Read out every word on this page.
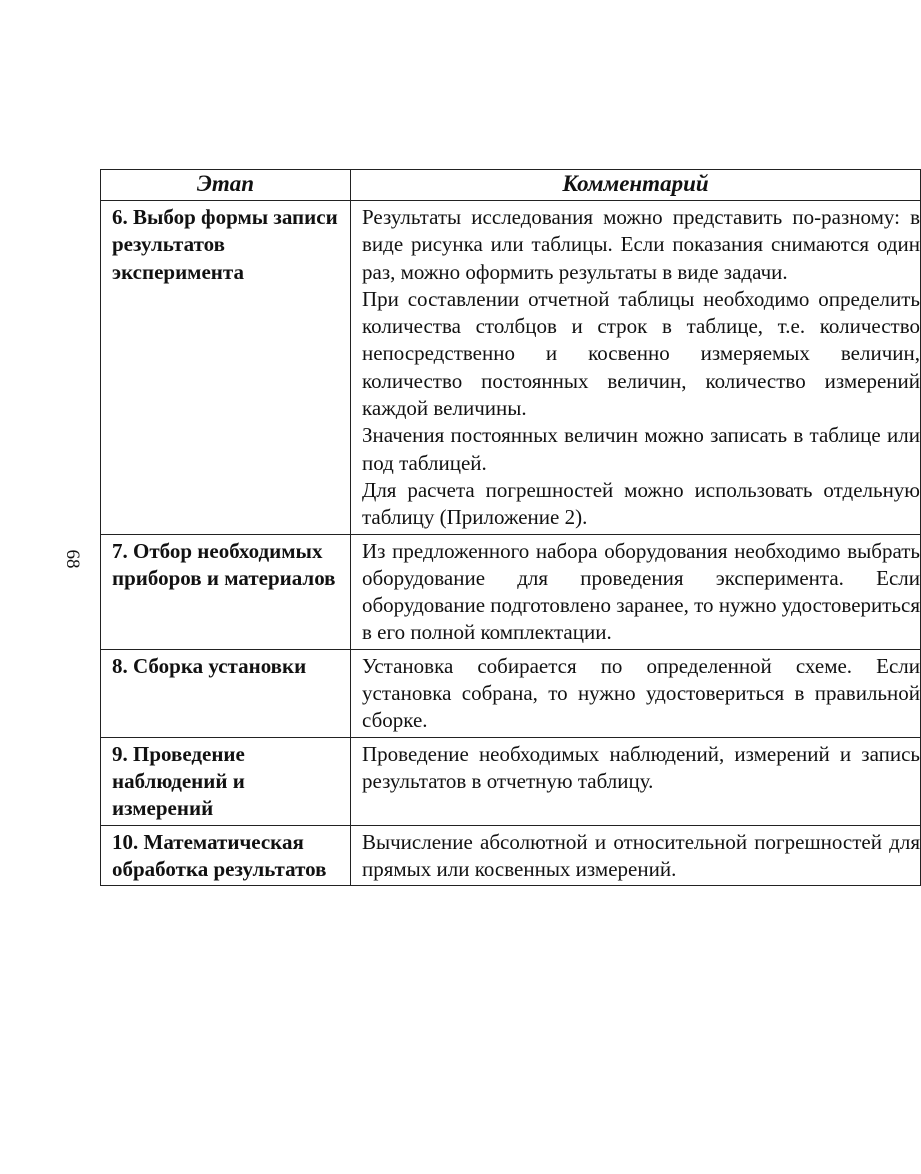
68
Этап	Комментарий
6. Выбор формы записи результатов эксперимента	Результаты исследования можно представить по-разному: в виде рисунка или таблицы. Если показания снимаются один раз, можно оформить результаты в виде задачи.

При составлении отчетной таблицы необходимо определить количества столбцов и строк в таблице, т.е. количество непосредственно и косвенно измеряемых величин, количество постоянных величин, количество измерений каждой величины.

Значения постоянных величин можно записать в таблице или под таблицей.

Для расчета погрешностей можно использовать отдельную таблицу (Приложение 2).

7. Отбор необходимых приборов и материалов	Из предложенного набора оборудования необходимо выбрать оборудование для проведения эксперимента. Если оборудование подготовлено заранее, то нужно удостовериться в его полной комплектации.

8. Сборка установки	Установка собирается по определенной схеме. Если установка собрана, то нужно удостовериться в правильной сборке.

9. Проведение наблюдений и измерений	Проведение необходимых наблюдений, измерений и запись результатов в отчетную таблицу.

10. Математическая обработка результатов	Вычисление абсолютной и относительной погрешностей для прямых или косвенных измерений.
